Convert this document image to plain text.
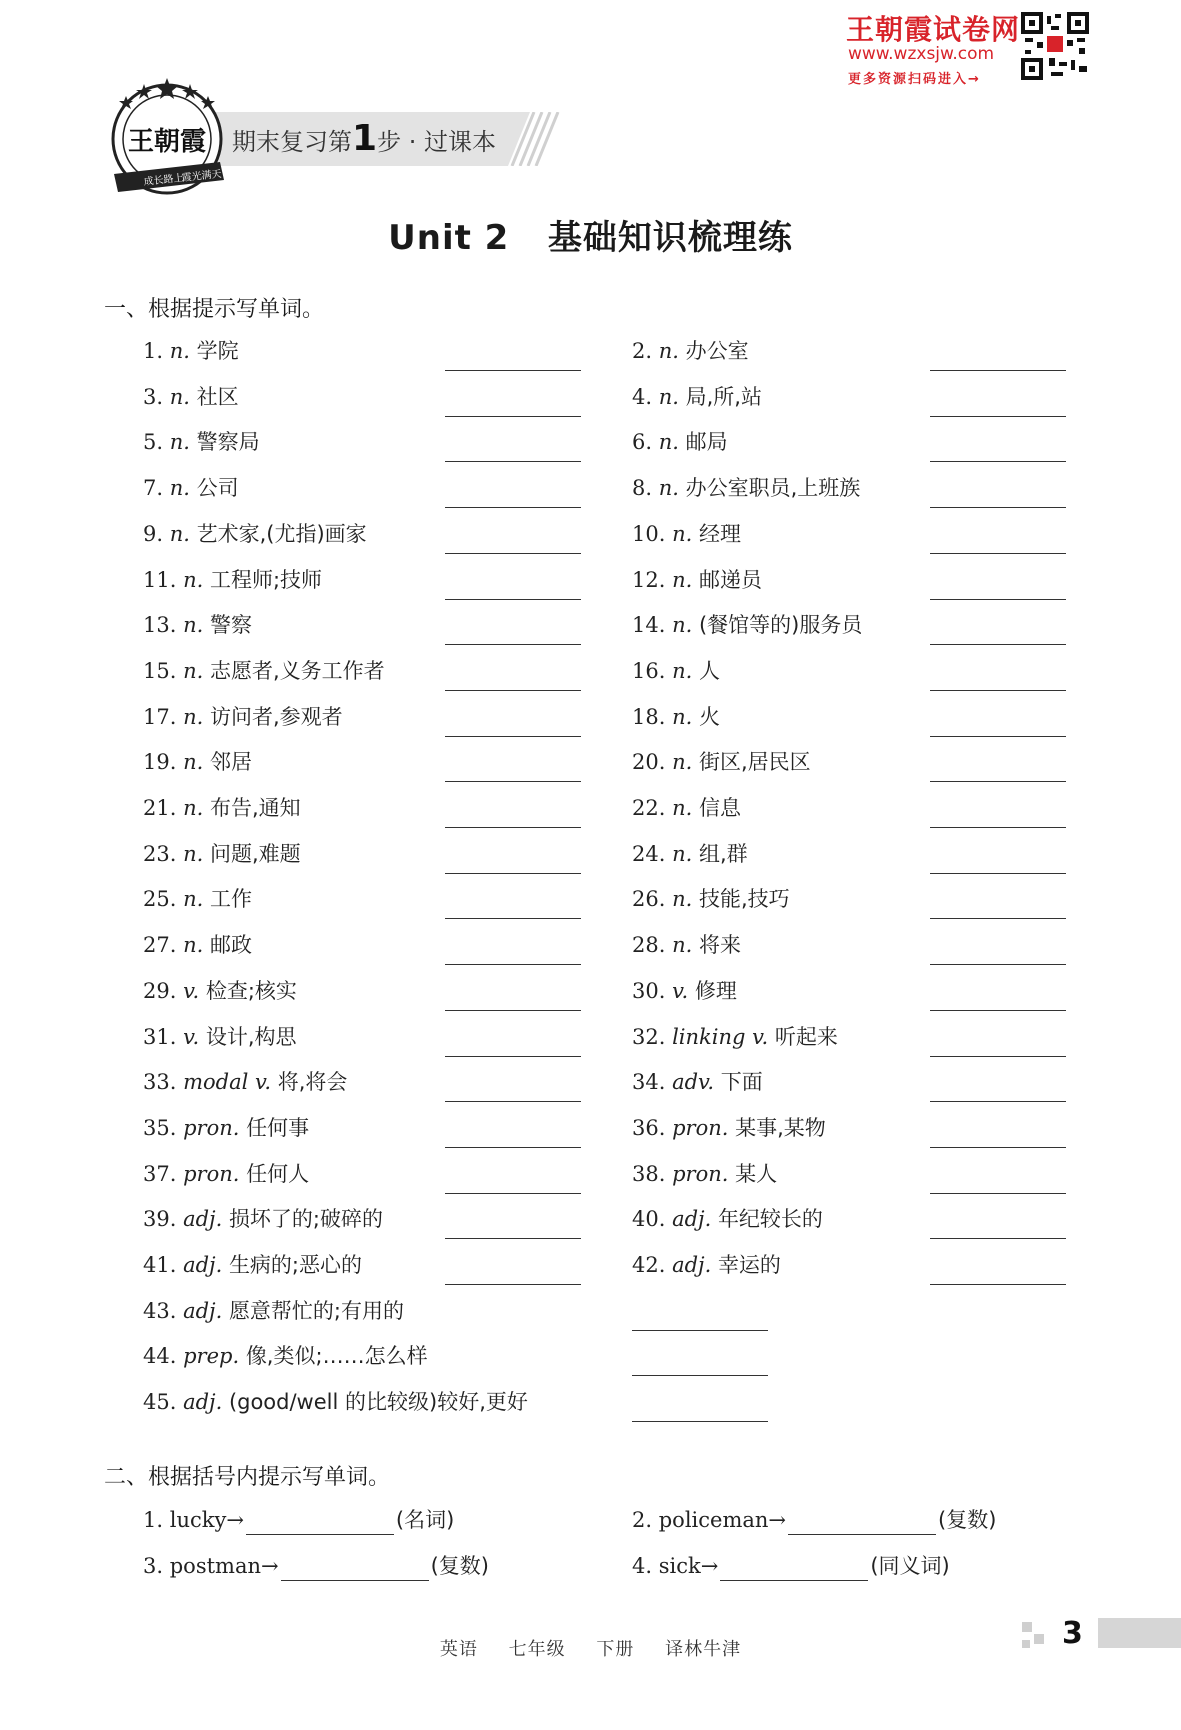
王朝霞试卷网
www.wzxsjw.com
更多资源扫码进入→
期末复习第1步 · 过课本
王朝霞
成长路上
霞光满天
Unit 2   基础知识梳理练
一、根据提示写单词。
1. n. 学院	2. n. 办公室
3. n. 社区	4. n. 局,所,站
5. n. 警察局	6. n. 邮局
7. n. 公司	8. n. 办公室职员,上班族
9. n. 艺术家,(尤指)画家	10. n. 经理
11. n. 工程师;技师	12. n. 邮递员
13. n. 警察	14. n. (餐馆等的)服务员
15. n. 志愿者,义务工作者	16. n. 人
17. n. 访问者,参观者	18. n. 火
19. n. 邻居	20. n. 街区,居民区
21. n. 布告,通知	22. n. 信息
23. n. 问题,难题	24. n. 组,群
25. n. 工作	26. n. 技能,技巧
27. n. 邮政	28. n. 将来
29. v. 检查;核实	30. v. 修理
31. v. 设计,构思	32. linking v. 听起来
33. modal v. 将,将会	34. adv. 下面
35. pron. 任何事	36. pron. 某事,某物
37. pron. 任何人	38. pron. 某人
39. adj. 损坏了的;破碎的	40. adj. 年纪较长的
41. adj. 生病的;恶心的	42. adj. 幸运的
43. adj. 愿意帮忙的;有用的
44. prep. 像,类似;……怎么样
45. adj. (good/well 的比较级)较好,更好
二、根据括号内提示写单词。
1. lucky→	(名词)	2. policeman→	(复数)
3. postman→	(复数)	4. sick→	(同义词)
英语 七年级 下册 译林牛津	3
